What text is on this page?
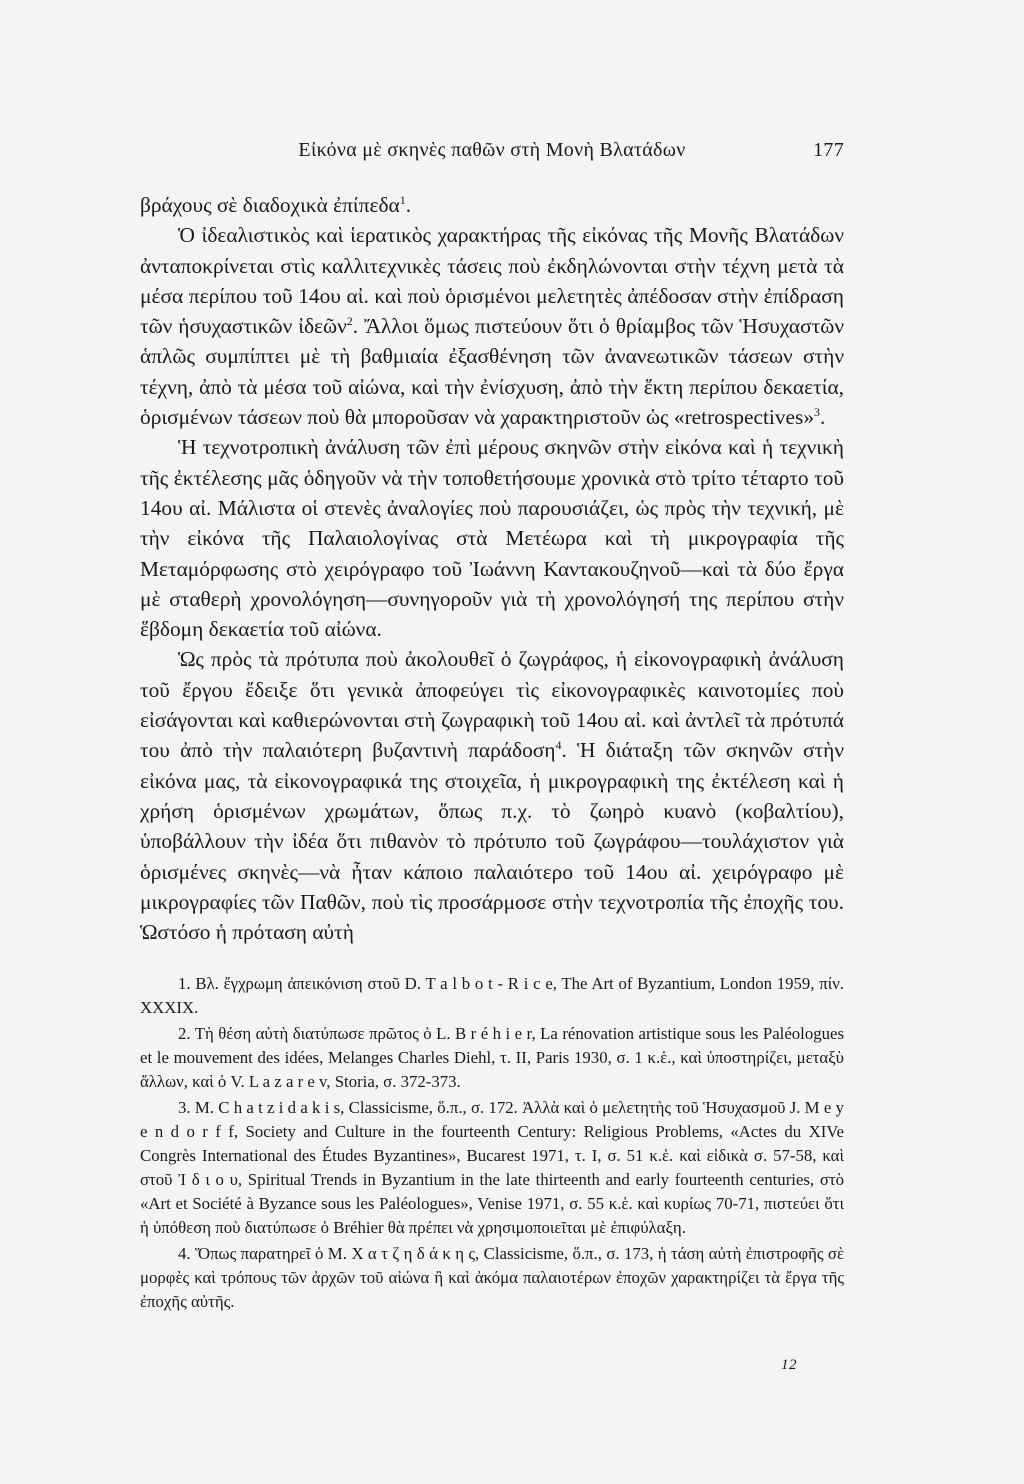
Εἰκόνα μὲ σκηνὲς παθῶν στὴ Μονὴ Βλατάδων	177

βράχους σὲ διαδοχικὰ ἐπίπεδα$^1$.

Ὁ ἰδεαλιστικὸς καὶ ἱερατικὸς χαρακτήρας τῆς εἰκόνας τῆς Μονῆς Βλατάδων ἀνταποκρίνεται στὶς καλλιτεχνικὲς τάσεις ποὺ ἐκδηλώνονται στὴν τέχνη μετὰ τὰ μέσα περίπου τοῦ 14ου αἰ. καὶ ποὺ ὁρισμένοι μελετητὲς ἀπέδοσαν στὴν ἐπίδραση τῶν ἡσυχαστικῶν ἰδεῶν$^2$. Ἄλλοι ὅμως πιστεύουν ὅτι ὁ θρίαμβος τῶν Ἡσυχαστῶν ἁπλῶς συμπίπτει μὲ τὴ βαθμιαία ἐξασθένηση τῶν ἀνανεωτικῶν τάσεων στὴν τέχνη, ἀπὸ τὰ μέσα τοῦ αἰώνα, καὶ τὴν ἐνίσχυση, ἀπὸ τὴν ἕκτη περίπου δεκαετία, ὁρισμένων τάσεων ποὺ θὰ μποροῦσαν νὰ χαρακτηριστοῦν ὡς «retrospectives»$^3$.

Ἡ τεχνοτροπικὴ ἀνάλυση τῶν ἐπὶ μέρους σκηνῶν στὴν εἰκόνα καὶ ἡ τεχνικὴ τῆς ἐκτέλεσης μᾶς ὁδηγοῦν νὰ τὴν τοποθετήσουμε χρονικὰ στὸ τρίτο τέταρτο τοῦ 14ου αἰ. Μάλιστα οἱ στενὲς ἀναλογίες ποὺ παρουσιάζει, ὡς πρὸς τὴν τεχνική, μὲ τὴν εἰκόνα τῆς Παλαιολογίνας στὰ Μετέωρα καὶ τὴ μικρογραφία τῆς Μεταμόρφωσης στὸ χειρόγραφο τοῦ Ἰωάννη Καντακουζηνοῦ—καὶ τὰ δύο ἔργα μὲ σταθερὴ χρονολόγηση—συνηγοροῦν γιὰ τὴ χρονολόγησή της περίπου στὴν ἕβδομη δεκαετία τοῦ αἰώνα.

Ὡς πρὸς τὰ πρότυπα ποὺ ἀκολουθεῖ ὁ ζωγράφος, ἡ εἰκονογραφικὴ ἀνάλυση τοῦ ἔργου ἔδειξε ὅτι γενικὰ ἀποφεύγει τὶς εἰκονογραφικὲς καινοτομίες ποὺ εἰσάγονται καὶ καθιερώνονται στὴ ζωγραφικὴ τοῦ 14ου αἰ. καὶ ἀντλεῖ τὰ πρότυπά του ἀπὸ τὴν παλαιότερη βυζαντινὴ παράδοση$^4$. Ἡ διάταξη τῶν σκηνῶν στὴν εἰκόνα μας, τὰ εἰκονογραφικά της στοιχεῖα, ἡ μικρογραφικὴ της ἐκτέλεση καὶ ἡ χρήση ὁρισμένων χρωμάτων, ὅπως π.χ. τὸ ζωηρὸ κυανὸ (κοβαλτίου), ὑποβάλλουν τὴν ἰδέα ὅτι πιθανὸν τὸ πρότυπο τοῦ ζωγράφου—τουλάχιστον γιὰ ὁρισμένες σκηνὲς—νὰ ἦταν κάποιο παλαιότερο τοῦ 14ου αἰ. χειρόγραφο μὲ μικρογραφίες τῶν Παθῶν, ποὺ τὶς προσάρμοσε στὴν τεχνοτροπία τῆς ἐποχῆς του. Ὡστόσο ἡ πρόταση αὐτὴ

1. Βλ. ἔγχρωμη ἀπεικόνιση στοῦ D. T a l b o t - R i c e, The Art of Byzantium, London 1959, πίν. XXXIX.

2. Τὴ θέση αὐτὴ διατύπωσε πρῶτος ὁ L. B r é h i e r, La rénovation artistique sous les Paléologues et le mouvement des idées, Melanges Charles Diehl, τ. II, Paris 1930, σ. 1 κ.ἑ., καὶ ὑποστηρίζει, μεταξὺ ἄλλων, καὶ ὁ V. L a z a r e v, Storia, σ. 372-373.

3. M. C h a t z i d a k i s, Classicisme, ὅ.π., σ. 172. Ἀλλὰ καὶ ὁ μελετητὴς τοῦ Ἡσυχασμοῦ J. M e y e n d o r f f, Society and Culture in the fourteenth Century: Religious Problems, «Actes du XIVe Congrès International des Études Byzantines», Bucarest 1971, τ. I, σ. 51 κ.ἑ. καὶ εἰδικὰ σ. 57-58, καὶ στοῦ Ἰ δ ι ο υ, Spiritual Trends in Byzantium in the late thirteenth and early fourteenth centuries, στὸ «Art et Société à Byzance sous les Paléologues», Venise 1971, σ. 55 κ.ἑ. καὶ κυρίως 70-71, πιστεύει ὅτι ἡ ὑπόθεση ποὺ διατύπωσε ὁ Bréhier θὰ πρέπει νὰ χρησιμοποιεῖται μὲ ἐπιφύλαξη.

4. Ὅπως παρατηρεῖ ὁ M. Χ α τ ζ η δ ά κ η ς, Classicisme, ὅ.π., σ. 173, ἡ τάση αὐτὴ ἐπιστροφῆς σὲ μορφὲς καὶ τρόπους τῶν ἀρχῶν τοῦ αἰώνα ἢ καὶ ἀκόμα παλαιοτέρων ἐποχῶν χαρακτηρίζει τὰ ἔργα τῆς ἐποχῆς αὐτῆς.

12
